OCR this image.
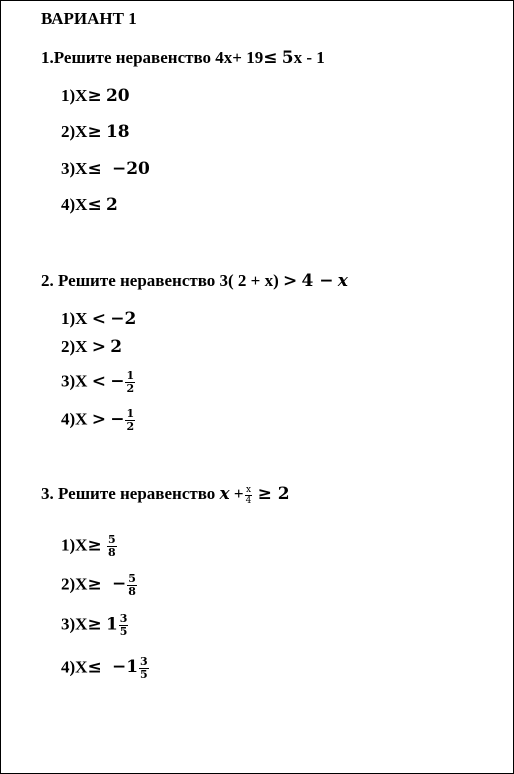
ВАРИАНТ 1
1.Решите неравенство 4х+ 19≤ 5х - 1
1)Х≥ 20
2)Х≥ 18
3)Х≤ −20
4)Х≤ 2
2. Решите неравенство 3( 2 + х) > 4 − x
1)Х < −2
2)Х > 2
3)Х < − $\frac{1}{2}$
4)Х > − $\frac{1}{2}$
3. Решите неравенство $x + \frac{x}{4} \ge 2$
$1)Х\ge \frac{5}{8}$
$2)Х\ge - \frac{5}{8}$
$3)Х\ge 1 \frac{3}{5}$
$4)Х\le -1 \frac{3}{5}$
